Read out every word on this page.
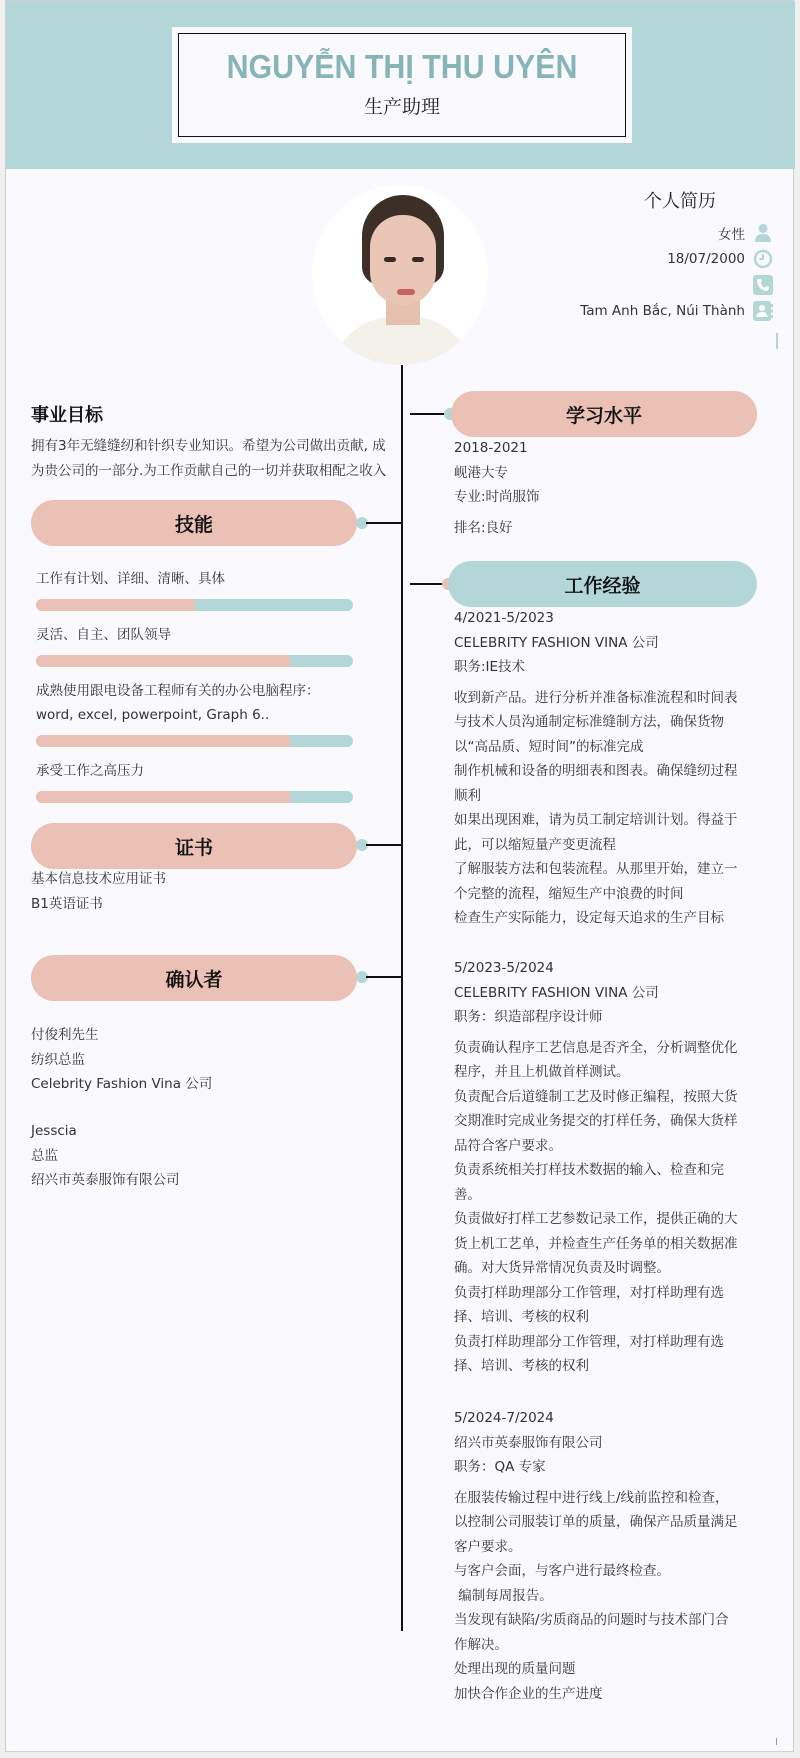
NGUYỄN THỊ THU UYÊN
生产助理
个人简历
女性
18/07/2000
Tam Anh Bắc, Núi Thành
事业目标
拥有3年无缝缝纫和针织专业知识。希望为公司做出贡献, 成
为贵公司的一部分.为工作贡献自己的一切并获取相配之收入
技能
工作有计划、详细、清晰、具体
灵活、自主、团队领导
成熟使用跟电设备工程师有关的办公电脑程序：
word, excel, powerpoint, Graph 6..
承受工作之高压力
证书
基本信息技术应用证书
B1英语证书
确认者
付俊利先生
纺织总监
Celebrity Fashion Vina 公司
Jesscia
总监
绍兴市英泰服饰有限公司
学习水平
2018-2021
岘港大专
专业:时尚服饰
排名:良好
工作经验
4/2021-5/2023
CELEBRITY FASHION VINA 公司
职务:IE技术
收到新产品。进行分析并准备标准流程和时间表
与技术人员沟通制定标准缝制方法，确保货物
以“高品质、短时间”的标准完成
制作机械和设备的明细表和图表。确保缝纫过程
顺利
如果出现困难，请为员工制定培训计划。得益于
此，可以缩短量产变更流程
了解服装方法和包装流程。从那里开始，建立一
个完整的流程，缩短生产中浪费的时间
检查生产实际能力，设定每天追求的生产目标
5/2023-5/2024
CELEBRITY FASHION VINA 公司
职务：织造部程序设计师
负责确认程序工艺信息是否齐全，分析调整优化
程序，并且上机做首样测试。
负责配合后道缝制工艺及时修正编程，按照大货
交期准时完成业务提交的打样任务，确保大货样
品符合客户要求。
负责系统相关打样技术数据的输入、检查和完
善。
负责做好打样工艺参数记录工作，提供正确的大
货上机工艺单，并检查生产任务单的相关数据准
确。对大货异常情况负责及时调整。
负责打样助理部分工作管理，对打样助理有选
择、培训、考核的权利
负责打样助理部分工作管理，对打样助理有选
择、培训、考核的权利
5/2024-7/2024
绍兴市英泰服饰有限公司
职务：QA 专家
在服装传输过程中进行线上/线前监控和检查，
以控制公司服装订单的质量，确保产品质量满足
客户要求。
与客户会面，与客户进行最终检查。
编制每周报告。
当发现有缺陷/劣质商品的问题时与技术部门合
作解决。
处理出现的质量问题
加快合作企业的生产进度
